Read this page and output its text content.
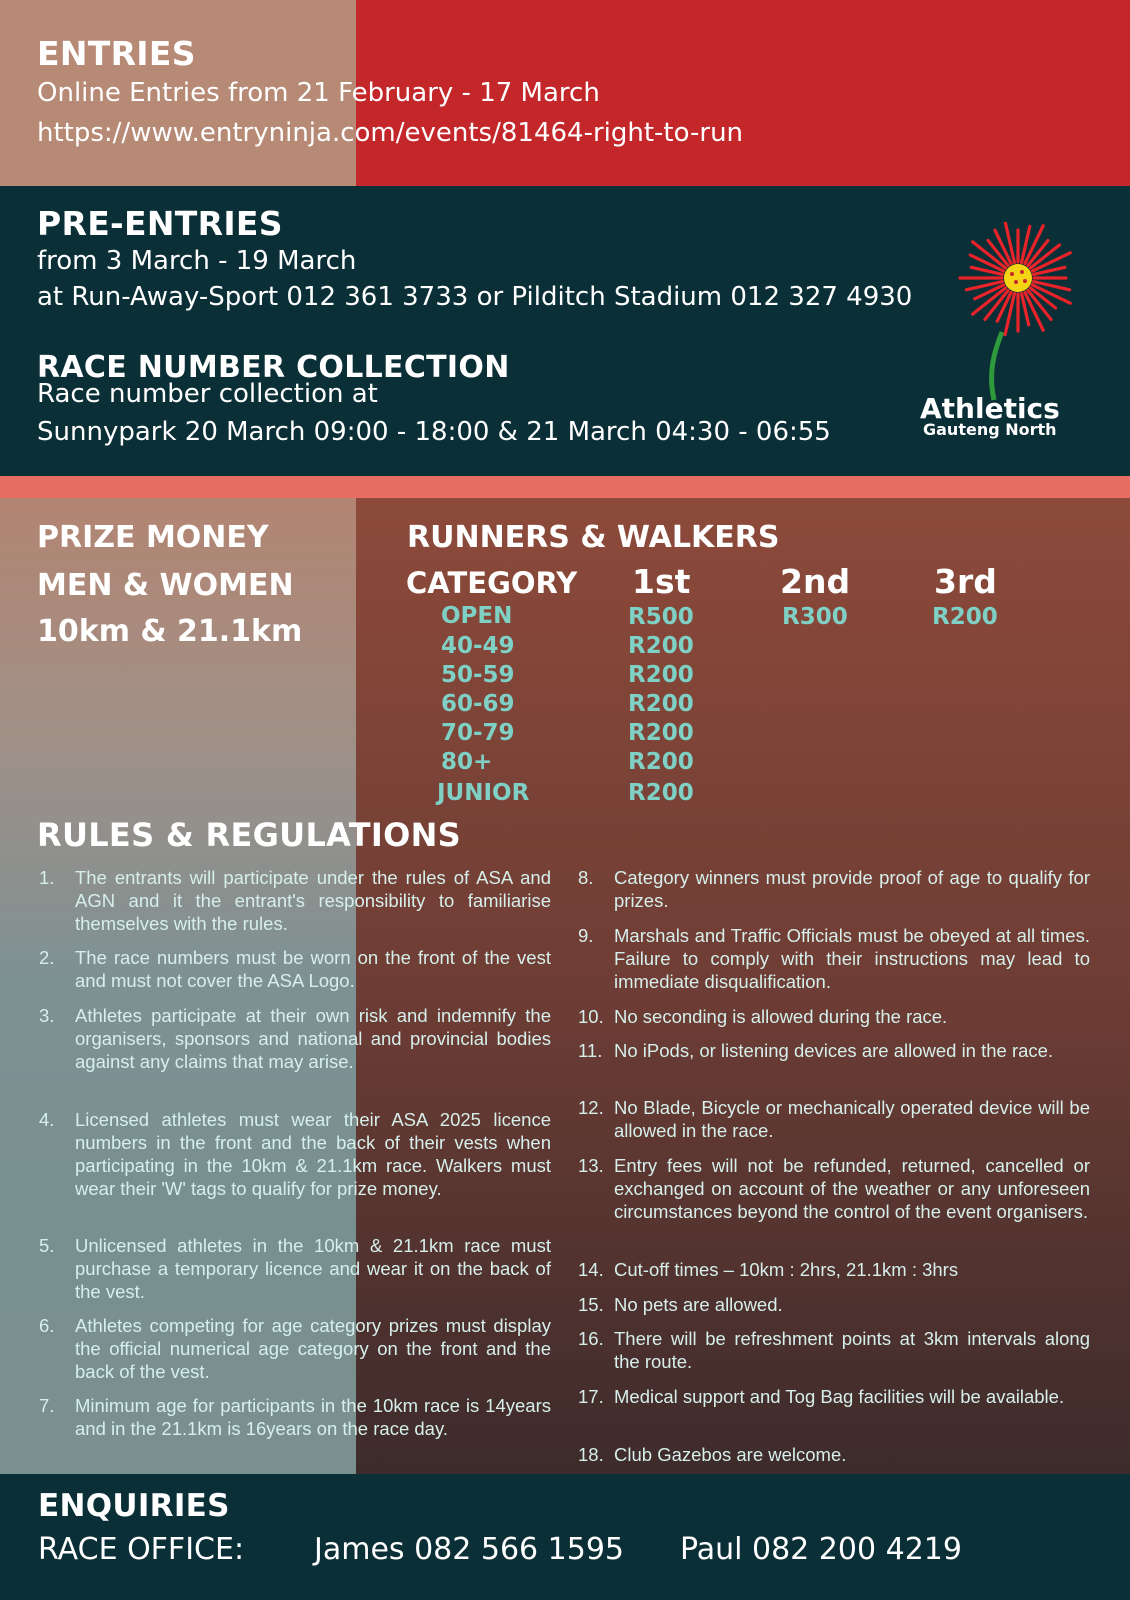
ENTRIES
Online Entries from 21 February - 17 March
https://www.entryninja.com/events/81464-right-to-run
PRE-ENTRIES
from 3 March - 19 March
at Run-Away-Sport 012 361 3733 or Pilditch Stadium 012 327 4930
RACE NUMBER COLLECTION
Race number collection at
Sunnypark 20 March 09:00 - 18:00 & 21 March 04:30 - 06:55
Athletics
Gauteng North
PRIZE MONEY
MEN & WOMEN
10km & 21.1km
RUNNERS & WALKERS
CATEGORY 1st	2nd	3rd
OPEN	R500	R300	R200
40-49	R200
50-59	R200
60-69	R200
70-79	R200
80+	R200
JUNIOR	R200
RULES & REGULATIONS
1.	The entrants will participate under the rules of ASA and AGN and it the entrant's responsibility to familiarise themselves with the rules.
2.	The race numbers must be worn on the front of the vest and must not cover the ASA Logo.
3.	Athletes participate at their own risk and indemnify the organisers, sponsors and national and provincial bodies against any claims that may arise.
4.	Licensed athletes must wear their ASA 2025 licence numbers in the front and the back of their vests when participating in the 10km & 21.1km race. Walkers must wear their 'W' tags to qualify for prize money.
5.	Unlicensed athletes in the 10km & 21.1km race must purchase a temporary licence and wear it on the back of the vest.
6.	Athletes competing for age category prizes must display the official numerical age category on the front and the back of the vest.
7.	Minimum age for participants in the 10km race is 14years and in the 21.1km is 16years on the race day.
8.	Category winners must provide proof of age to qualify for prizes.
9.	Marshals and Traffic Officials must be obeyed at all times. Failure to comply with their instructions may lead to immediate disqualification.
10. No seconding is allowed during the race.
11. No iPods, or listening devices are allowed in the race.
12. No Blade, Bicycle or mechanically operated device will be allowed in the race.
13. Entry fees will not be refunded, returned, cancelled or exchanged on account of the weather or any unforeseen circumstances beyond the control of the event organisers.
14. Cut-off times – 10km : 2hrs, 21.1km : 3hrs
15. No pets are allowed.
16. There will be refreshment points at 3km intervals along the route.
17. Medical support and Tog Bag facilities will be available.
18. Club Gazebos are welcome.
ENQUIRIES
RACE OFFICE: James 082 566 1595 Paul 082 200 4219
